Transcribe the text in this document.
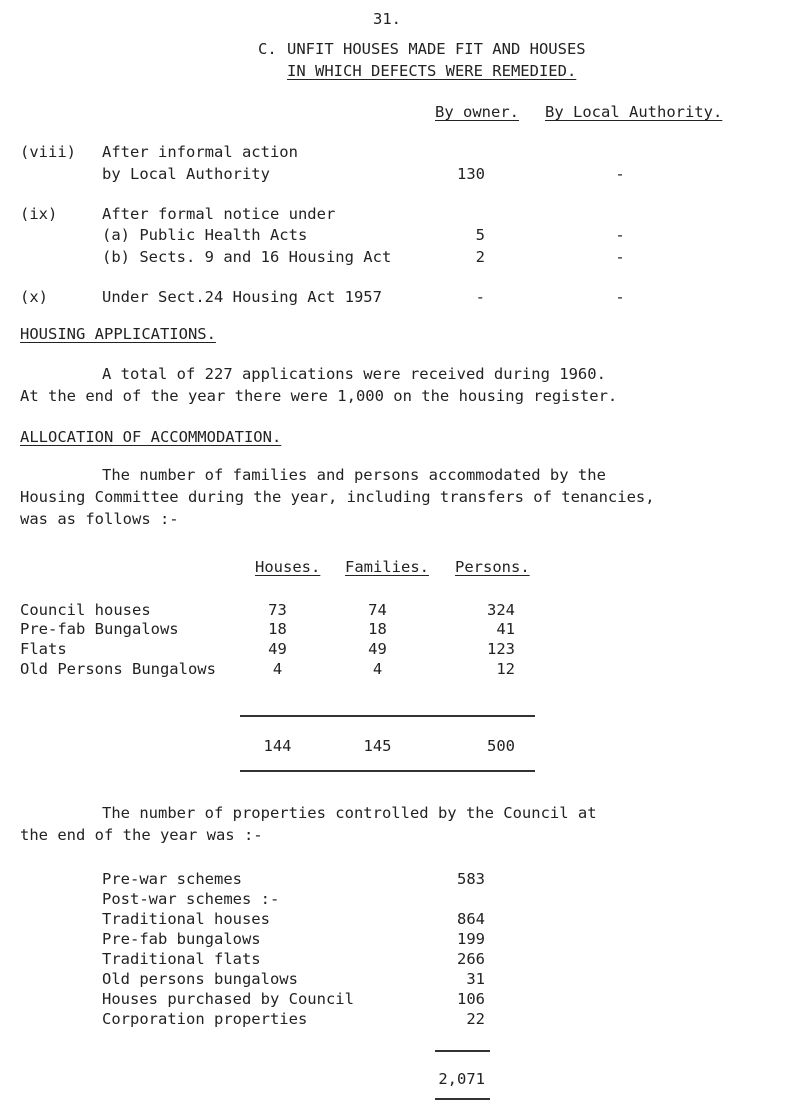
31.
C. UNFIT HOUSES MADE FIT AND HOUSES
IN WHICH DEFECTS WERE REMEDIED.
By owner. By Local Authority.
(viii) After informal action
by Local Authority	130	-
(ix)	After formal notice under
(a) Public Health Acts	5	-
(b) Sects. 9 and 16 Housing Act	2	-
(x)	Under Sect.24 Housing Act 1957	-	-
HOUSING APPLICATIONS.
A total of 227 applications were received during 1960.
At the end of the year there were 1,000 on the housing register.
ALLOCATION OF ACCOMMODATION.
The number of families and persons accommodated by the
Housing Committee during the year, including transfers of tenancies,
was as follows :-
Houses. Families. Persons.
Council houses	73	74	324
Pre-fab Bungalows	18	18	41
Flats	49	49	123
Old Persons Bungalows	4	4	12
144	145	500
The number of properties controlled by the Council at
the end of the year was :-
Pre-war schemes	583
Post-war schemes :-
Traditional houses	864
Pre-fab bungalows	199
Traditional flats	266
Old persons bungalows	31
Houses purchased by Council	106
Corporation properties	22
2,071
